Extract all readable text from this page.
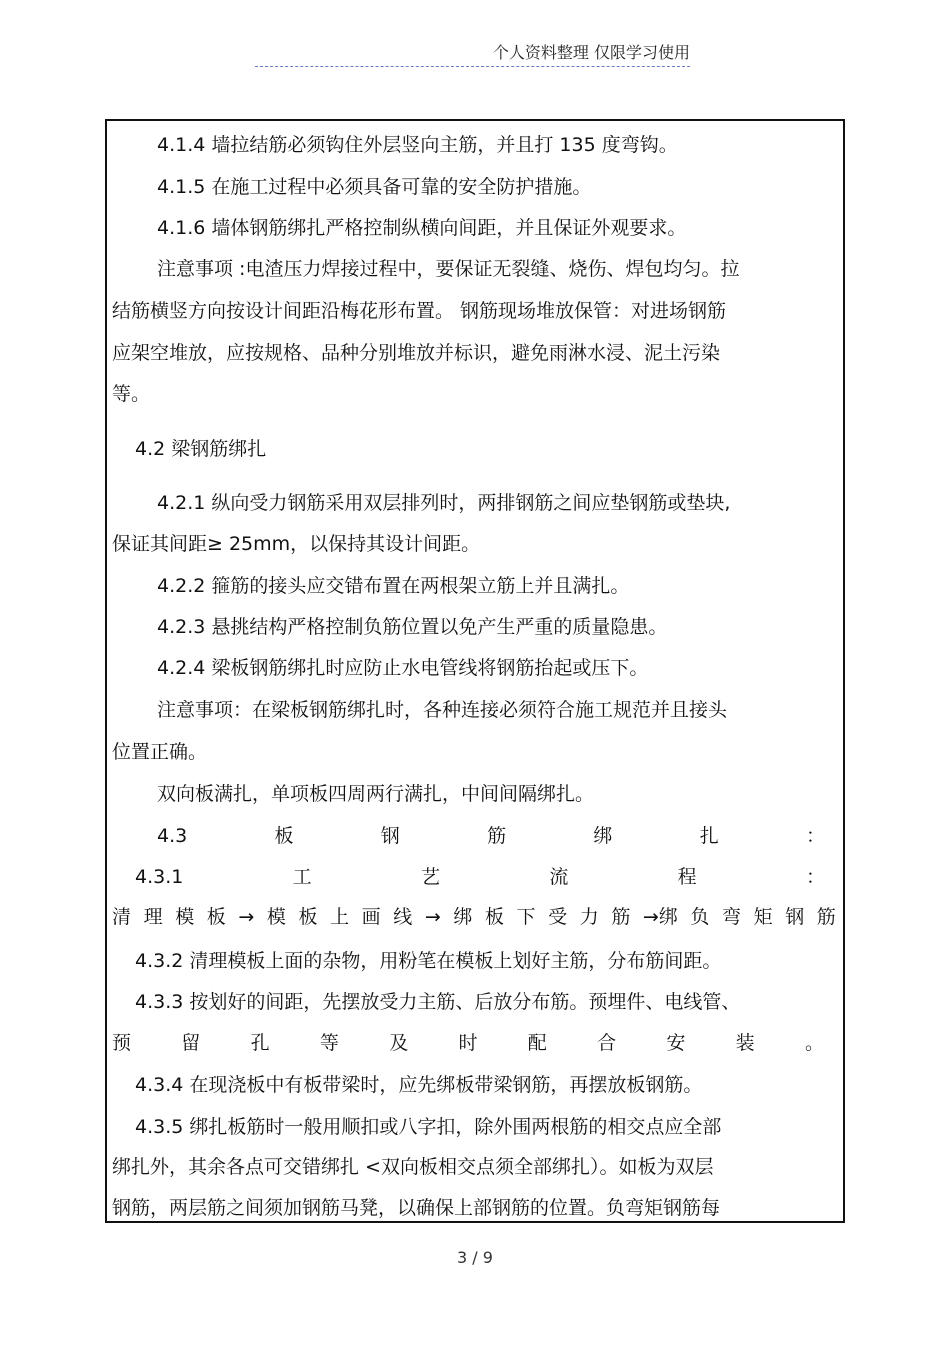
个人资料整理 仅限学习使用
4.1.4 墙拉结筋必须钩住外层竖向主筋，并且打 135 度弯钩。
4.1.5 在施工过程中必须具备可靠的安全防护措施。
4.1.6 墙体钢筋绑扎严格控制纵横向间距，并且保证外观要求。
注意事项 :电渣压力焊接过程中，要保证无裂缝、烧伤、焊包均匀。拉
结筋横竖方向按设计间距沿梅花形布置。 钢筋现场堆放保管：对进场钢筋
应架空堆放，应按规格、品种分别堆放并标识，避免雨淋水浸、泥土污染
等。
4.2 梁钢筋绑扎
4.2.1 纵向受力钢筋采用双层排列时，两排钢筋之间应垫钢筋或垫块,
保证其间距≥ 25mm，以保持其设计间距。
4.2.2 箍筋的接头应交错布置在两根架立筋上并且满扎。
4.2.3 悬挑结构严格控制负筋位置以免产生严重的质量隐患。
4.2.4 梁板钢筋绑扎时应防止水电管线将钢筋抬起或压下。
注意事项：在梁板钢筋绑扎时，各种连接必须符合施工规范并且接头
位置正确。
双向板满扎，单项板四周两行满扎，中间间隔绑扎。
4.3	板	钢	筋	绑	扎	：
4.3.1	工	艺	流	程	：
清 理 模 板 → 模 板 上 画 线 → 绑 板 下 受 力 筋 →绑 负 弯 矩 钢 筋
4.3.2 清理模板上面的杂物，用粉笔在模板上划好主筋，分布筋间距。
4.3.3 按划好的间距，先摆放受力主筋、后放分布筋。预埋件、电线管、
预	留	孔	等	及	时	配	合	安	装	。
4.3.4 在现浇板中有板带梁时，应先绑板带梁钢筋，再摆放板钢筋。
4.3.5 绑扎板筋时一般用顺扣或八字扣，除外围两根筋的相交点应全部
绑扎外，其余各点可交错绑扎 <双向板相交点须全部绑扎）。如板为双层
钢筋，两层筋之间须加钢筋马凳，以确保上部钢筋的位置。负弯矩钢筋每
3 / 9
